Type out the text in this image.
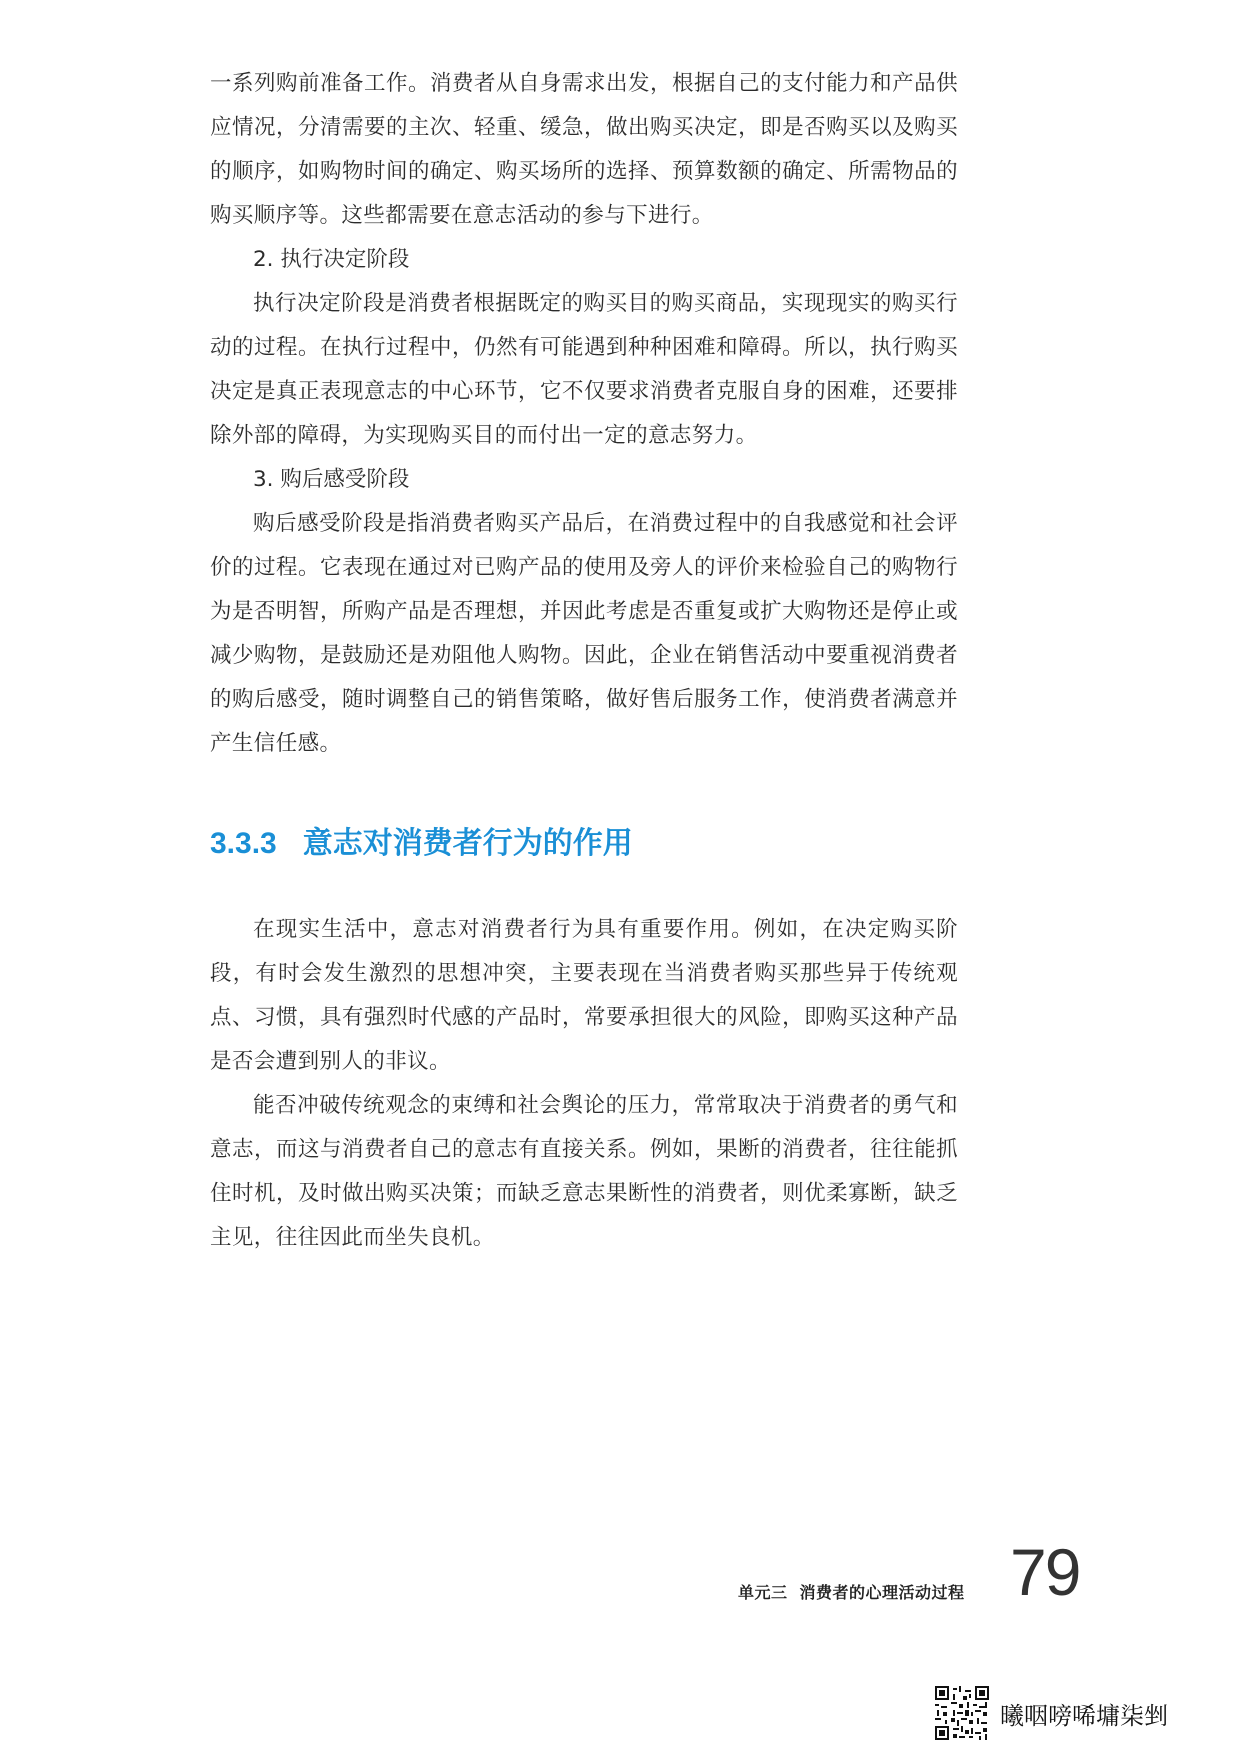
一系列购前准备工作。消费者从自身需求出发，根据自己的支付能力和产品供应情况，分清需要的主次、轻重、缓急，做出购买决定，即是否购买以及购买的顺序，如购物时间的确定、购买场所的选择、预算数额的确定、所需物品的购买顺序等。这些都需要在意志活动的参与下进行。

2. 执行决定阶段

执行决定阶段是消费者根据既定的购买目的购买商品，实现现实的购买行动的过程。在执行过程中，仍然有可能遇到种种困难和障碍。所以，执行购买决定是真正表现意志的中心环节，它不仅要求消费者克服自身的困难，还要排除外部的障碍，为实现购买目的而付出一定的意志努力。

3. 购后感受阶段

购后感受阶段是指消费者购买产品后，在消费过程中的自我感觉和社会评价的过程。它表现在通过对已购产品的使用及旁人的评价来检验自己的购物行为是否明智，所购产品是否理想，并因此考虑是否重复或扩大购物还是停止或减少购物，是鼓励还是劝阻他人购物。因此，企业在销售活动中要重视消费者的购后感受，随时调整自己的销售策略，做好售后服务工作，使消费者满意并产生信任感。

3.3.3 意志对消费者行为的作用

在现实生活中，意志对消费者行为具有重要作用。例如，在决定购买阶段，有时会发生激烈的思想冲突，主要表现在当消费者购买那些异于传统观点、习惯，具有强烈时代感的产品时，常要承担很大的风险，即购买这种产品是否会遭到别人的非议。

能否冲破传统观念的束缚和社会舆论的压力，常常取决于消费者的勇气和意志，而这与消费者自己的意志有直接关系。例如，果断的消费者，往往能抓住时机，及时做出购买决策；而缺乏意志果断性的消费者，则优柔寡断，缺乏主见，往往因此而坐失良机。

单元三 消费者的心理活动过程 79
曦咽嗙唏墉柒剉
